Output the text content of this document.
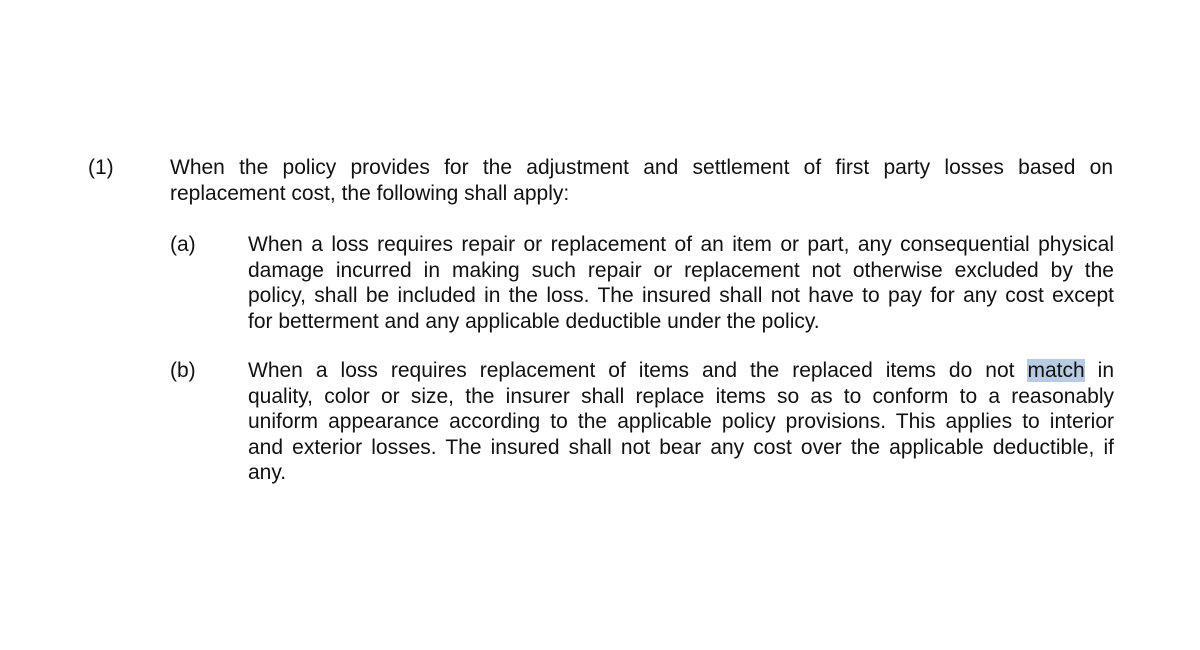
(1)	When the policy provides for the adjustment and settlement of first party losses based on
replacement cost, the following shall apply:
(a) When a loss requires repair or replacement of an item or part, any consequential physical
damage incurred in making such repair or replacement not otherwise excluded by the
policy, shall be included in the loss. The insured shall not have to pay for any cost except
for betterment and any applicable deductible under the policy.
(b) When a loss requires replacement of items and the replaced items do not match in
quality, color or size, the insurer shall replace items so as to conform to a reasonably
uniform appearance according to the applicable policy provisions. This applies to interior
and exterior losses. The insured shall not bear any cost over the applicable deductible, if
any.
